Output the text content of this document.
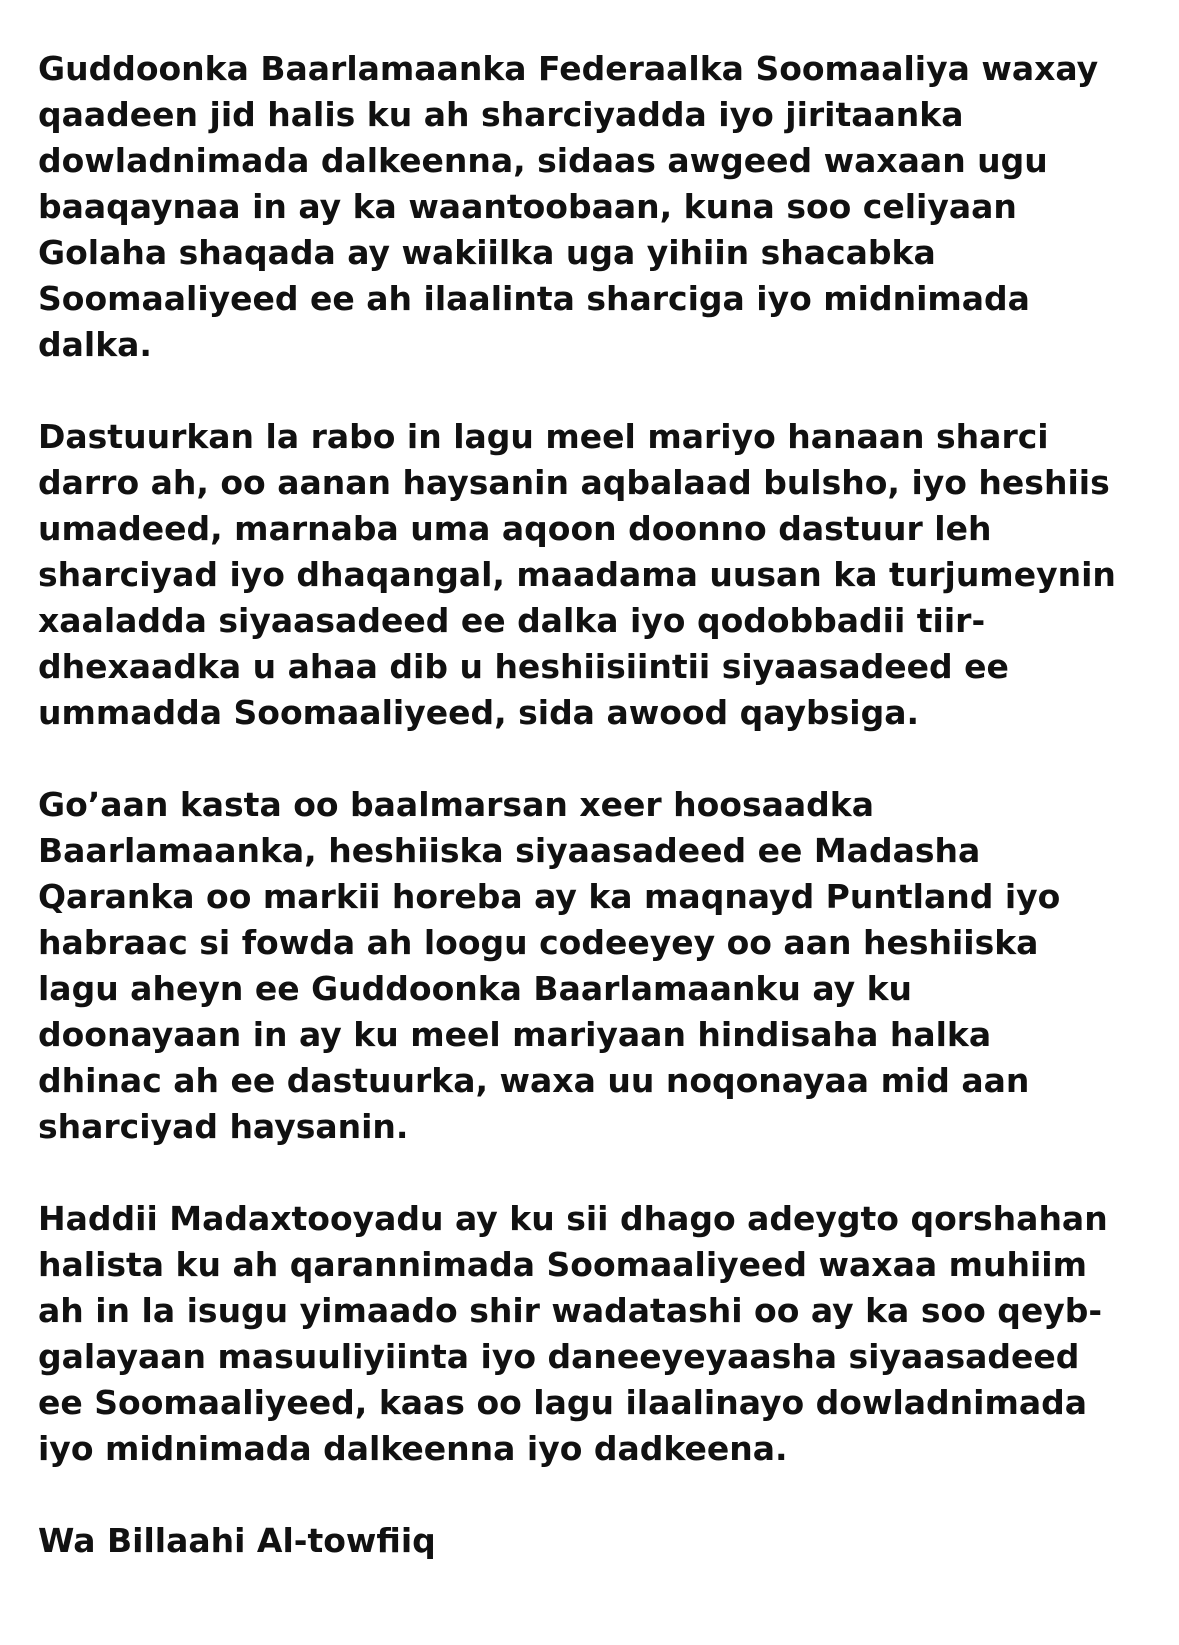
Guddoonka Baarlamaanka Federaalka Soomaaliya waxay
qaadeen jid halis ku ah sharciyadda iyo jiritaanka
dowladnimada dalkeenna, sidaas awgeed waxaan ugu
baaqaynaa in ay ka waantoobaan, kuna soo celiyaan
Golaha shaqada ay wakiilka uga yihiin shacabka
Soomaaliyeed ee ah ilaalinta sharciga iyo midnimada
dalka.
Dastuurkan la rabo in lagu meel mariyo hanaan sharci
darro ah, oo aanan haysanin aqbalaad bulsho, iyo heshiis
umadeed, marnaba uma aqoon doonno dastuur leh
sharciyad iyo dhaqangal, maadama uusan ka turjumeynin
xaaladda siyaasadeed ee dalka iyo qodobbadii tiir-
dhexaadka u ahaa dib u heshiisiintii siyaasadeed ee
ummadda Soomaaliyeed, sida awood qaybsiga.
Go’aan kasta oo baalmarsan xeer hoosaadka
Baarlamaanka, heshiiska siyaasadeed ee Madasha
Qaranka oo markii horeba ay ka maqnayd Puntland iyo
habraac si fowda ah loogu codeeyey oo aan heshiiska
lagu aheyn ee Guddoonka Baarlamaanku ay ku
doonayaan in ay ku meel mariyaan hindisaha halka
dhinac ah ee dastuurka, waxa uu noqonayaa mid aan
sharciyad haysanin.
Haddii Madaxtooyadu ay ku sii dhago adeygto qorshahan
halista ku ah qarannimada Soomaaliyeed waxaa muhiim
ah in la isugu yimaado shir wadatashi oo ay ka soo qeyb-
galayaan masuuliyiinta iyo daneeyeyaasha siyaasadeed
ee Soomaaliyeed, kaas oo lagu ilaalinayo dowladnimada
iyo midnimada dalkeenna iyo dadkeena.
Wa Billaahi Al-towfiiq
